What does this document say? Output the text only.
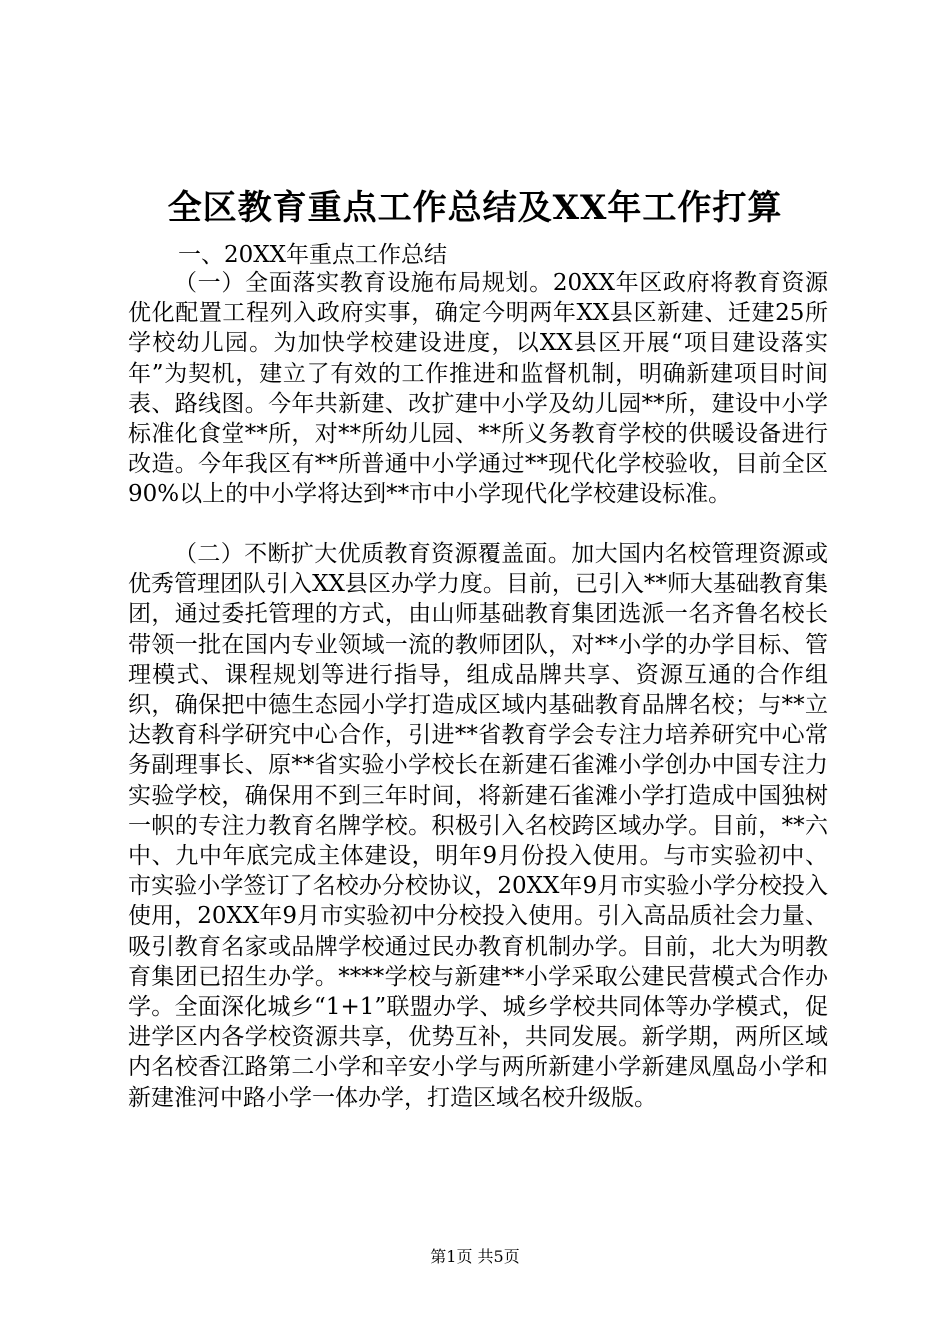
全区教育重点工作总结及XX年工作打算

一、20XX年重点工作总结

（一）全面落实教育设施布局规划。20XX年区政府将教育资源优化配置工程列入政府实事，确定今明两年XX县区新建、迁建25所学校幼儿园。为加快学校建设进度，以XX县区开展“项目建设落实年”为契机，建立了有效的工作推进和监督机制，明确新建项目时间表、路线图。今年共新建、改扩建中小学及幼儿园**所，建设中小学标准化食堂**所，对**所幼儿园、**所义务教育学校的供暖设备进行改造。今年我区有**所普通中小学通过**现代化学校验收，目前全区90%以上的中小学将达到**市中小学现代化学校建设标准。

（二）不断扩大优质教育资源覆盖面。加大国内名校管理资源或优秀管理团队引入XX县区办学力度。目前，已引入**师大基础教育集团，通过委托管理的方式，由山师基础教育集团选派一名齐鲁名校长带领一批在国内专业领域一流的教师团队，对**小学的办学目标、管理模式、课程规划等进行指导，组成品牌共享、资源互通的合作组织，确保把中德生态园小学打造成区域内基础教育品牌名校；与**立达教育科学研究中心合作，引进**省教育学会专注力培养研究中心常务副理事长、原**省实验小学校长在新建石雀滩小学创办中国专注力实验学校，确保用不到三年时间，将新建石雀滩小学打造成中国独树一帜的专注力教育名牌学校。积极引入名校跨区域办学。目前，**六中、九中年底完成主体建设，明年9月份投入使用。与市实验初中、市实验小学签订了名校办分校协议，20XX年9月市实验小学分校投入使用，20XX年9月市实验初中分校投入使用。引入高品质社会力量、吸引教育名家或品牌学校通过民办教育机制办学。目前，北大为明教育集团已招生办学。****学校与新建**小学采取公建民营模式合作办学。全面深化城乡“1+1”联盟办学、城乡学校共同体等办学模式，促进学区内各学校资源共享，优势互补，共同发展。新学期，两所区域内名校香江路第二小学和辛安小学与两所新建小学新建凤凰岛小学和新建淮河中路小学一体办学，打造区域名校升级版。

第1页 共5页
